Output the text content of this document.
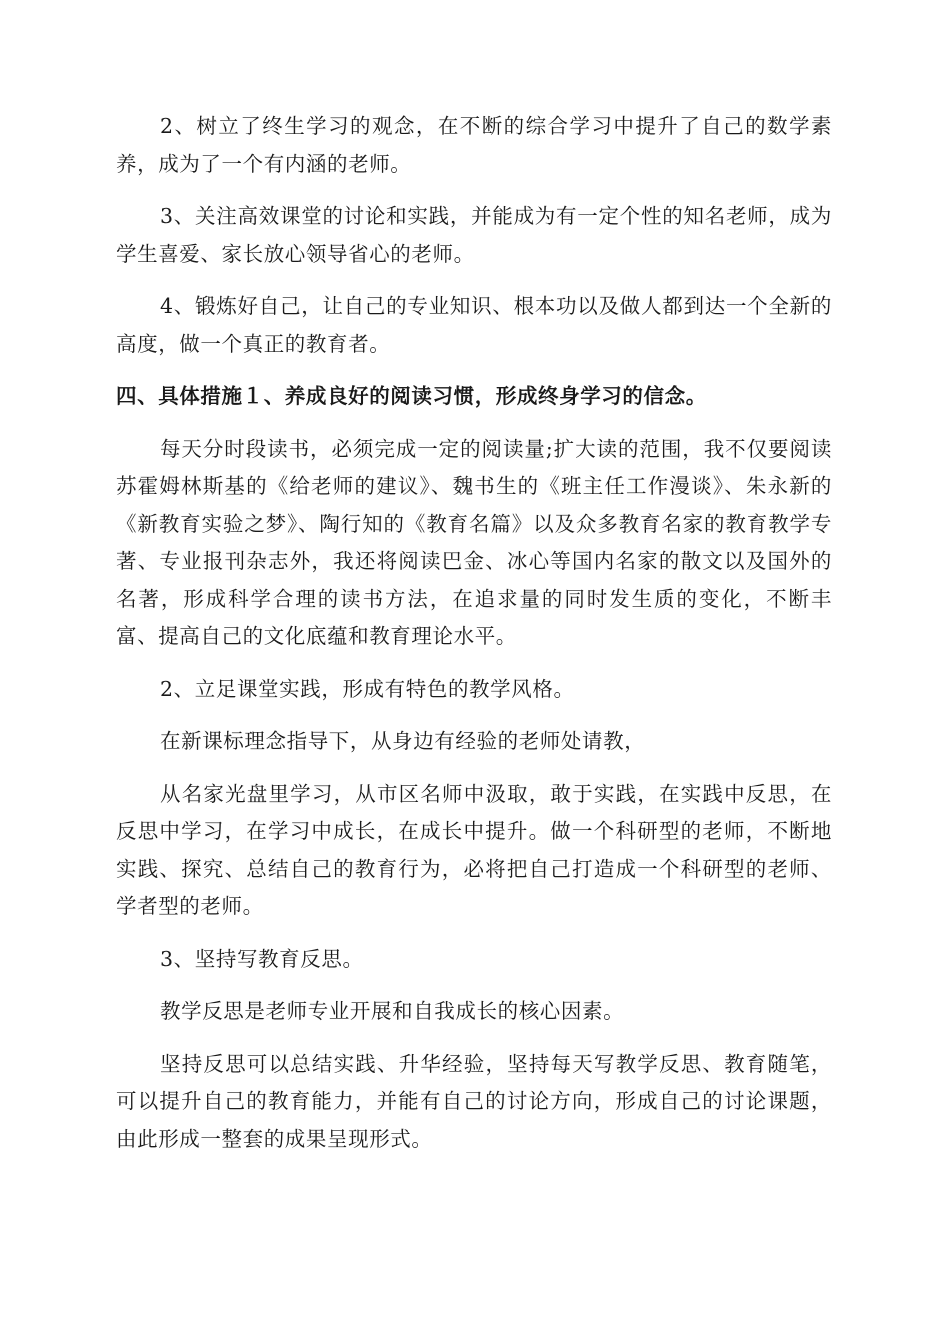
2、树立了终生学习的观念，在不断的综合学习中提升了自己的数学素养，成为了一个有内涵的老师。

3、关注高效课堂的讨论和实践，并能成为有一定个性的知名老师，成为学生喜爱、家长放心领导省心的老师。

4、锻炼好自己，让自己的专业知识、根本功以及做人都到达一个全新的高度，做一个真正的教育者。

四、具体措施１、养成良好的阅读习惯，形成终身学习的信念。

每天分时段读书，必须完成一定的阅读量;扩大读的范围，我不仅要阅读苏霍姆林斯基的《给老师的建议》、魏书生的《班主任工作漫谈》、朱永新的《新教育实验之梦》、陶行知的《教育名篇》以及众多教育名家的教育教学专著、专业报刊杂志外，我还将阅读巴金、冰心等国内名家的散文以及国外的名著，形成科学合理的读书方法，在追求量的同时发生质的变化，不断丰富、提高自己的文化底蕴和教育理论水平。

2、立足课堂实践，形成有特色的教学风格。

在新课标理念指导下，从身边有经验的老师处请教，

从名家光盘里学习，从市区名师中汲取，敢于实践，在实践中反思，在反思中学习，在学习中成长，在成长中提升。做一个科研型的老师，不断地实践、探究、总结自己的教育行为，必将把自己打造成一个科研型的老师、学者型的老师。

3、坚持写教育反思。

教学反思是老师专业开展和自我成长的核心因素。

坚持反思可以总结实践、升华经验，坚持每天写教学反思、教育随笔，可以提升自己的教育能力，并能有自己的讨论方向，形成自己的讨论课题，由此形成一整套的成果呈现形式。
